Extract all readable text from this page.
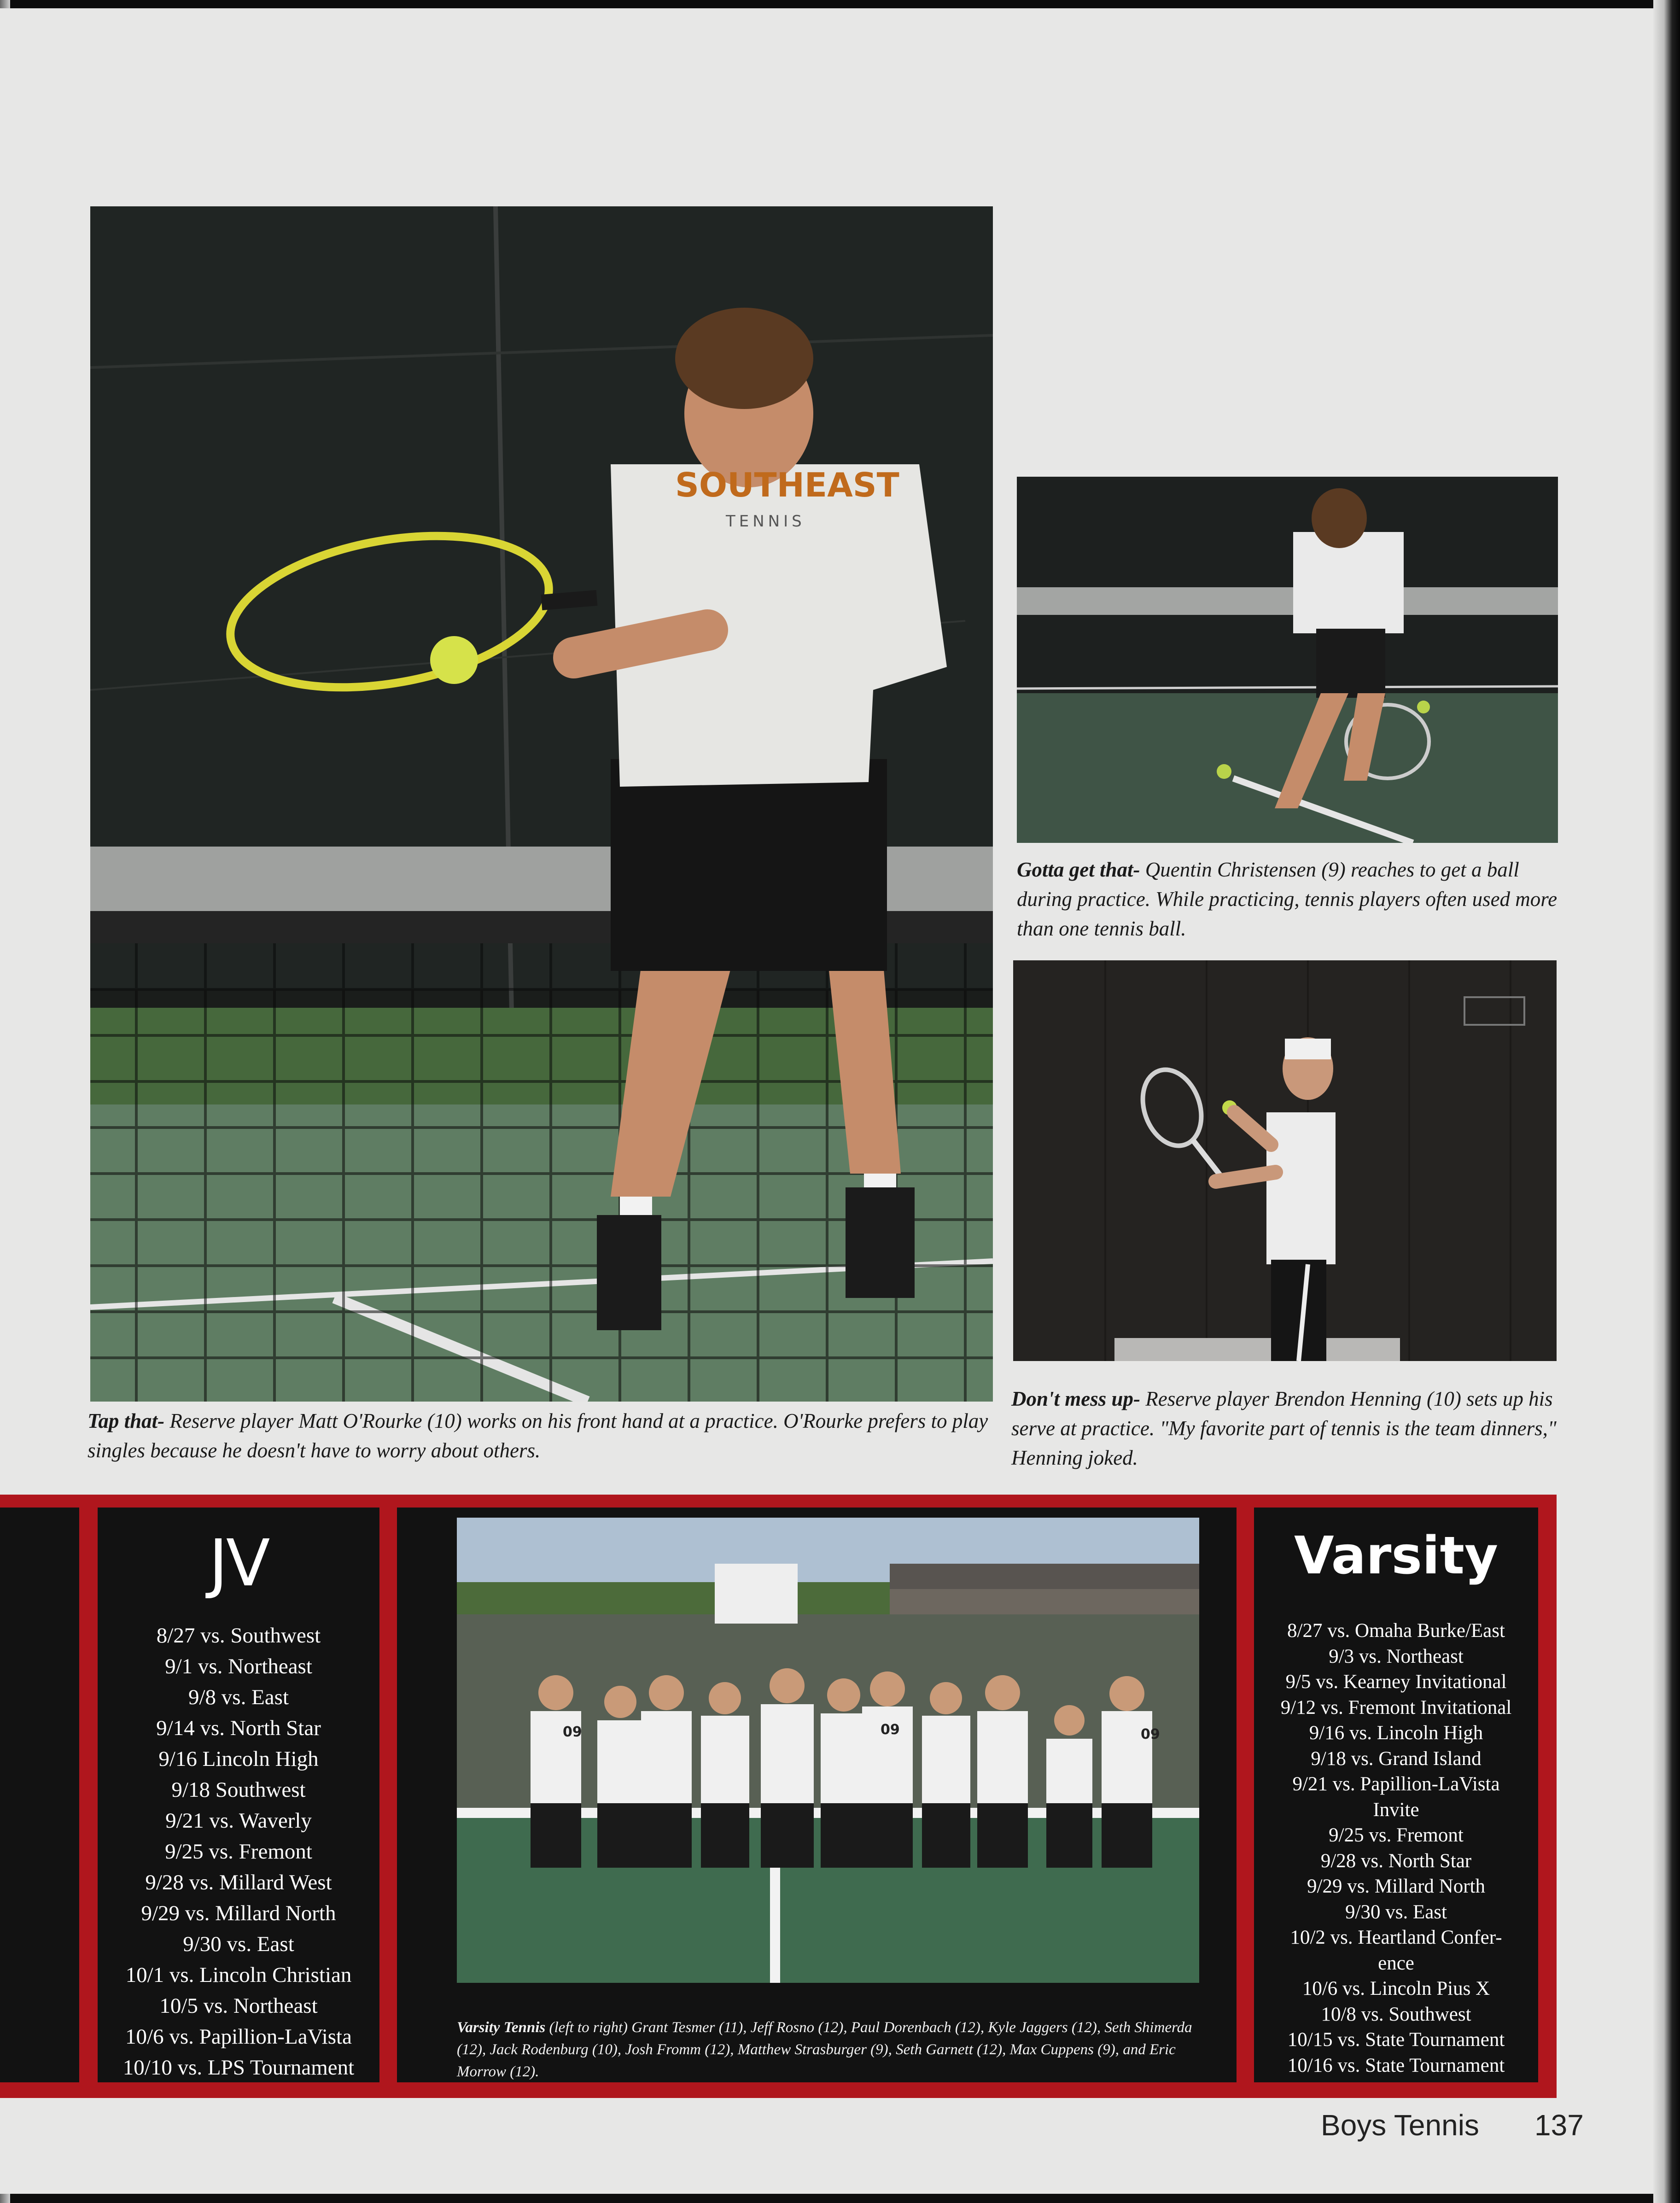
SOUTHEAST
TENNIS
Tap that- Reserve player Matt O'Rourke (10) works on his front hand at a practice. O'Rourke prefers to play singles because he doesn't have to worry about others.
Gotta get that- Quentin Christensen (9) reaches to get a ball during practice. While practicing, tennis players often used more than one tennis ball.
Don't mess up- Reserve player Brendon Henning (10) sets up his serve at practice. "My favorite part of tennis is the team dinners," Henning joked.
JV
8/27 vs. Southwest
9/1 vs. Northeast
9/8 vs. East
9/14 vs. North Star
9/16 Lincoln High
9/18 Southwest
9/21 vs. Waverly
9/25 vs. Fremont
9/28 vs. Millard West
9/29 vs. Millard North
9/30 vs. East
10/1 vs. Lincoln Christian
10/5 vs. Northeast
10/6 vs. Papillion-LaVista
10/10 vs. LPS Tournament
09	09	09
Varsity Tennis (left to right) Grant Tesmer (11), Jeff Rosno (12), Paul Dorenbach (12), Kyle Jaggers (12), Seth Shimerda (12), Jack Rodenburg (10), Josh Fromm (12), Matthew Strasburger (9), Seth Garnett (12), Max Cuppens (9), and Eric Morrow (12).
Varsity
8/27 vs. Omaha Burke/East
9/3 vs. Northeast
9/5 vs. Kearney Invitational
9/12 vs. Fremont Invitational
9/16 vs. Lincoln High
9/18 vs. Grand Island
9/21 vs. Papillion-LaVista
Invite
9/25 vs. Fremont
9/28 vs. North Star
9/29 vs. Millard North
9/30 vs. East
10/2 vs. Heartland Confer-
ence
10/6 vs. Lincoln Pius X
10/8 vs. Southwest
10/15 vs. State Tournament
10/16 vs. State Tournament
Boys Tennis 137
